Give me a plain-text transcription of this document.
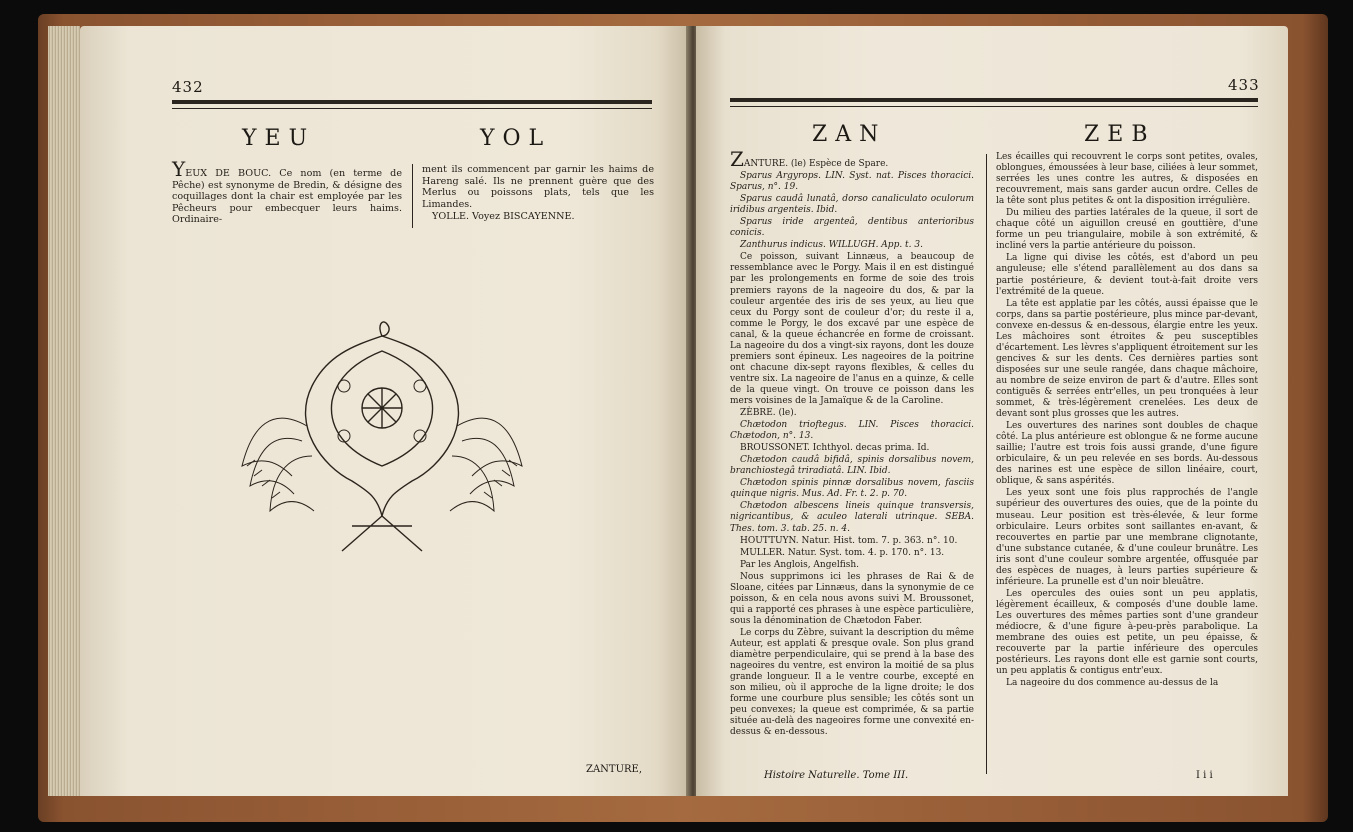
432
YEU	YOL

YEUX DE BOUC. Ce nom (en terme de Pêche) est synonyme de Bredin, & désigne des coquillages dont la chair est employée par les Pêcheurs pour embecquer leurs haims. Ordinaire-

ment ils commencent par garnir les haims de Hareng salé. Ils ne prennent guère que des Merlus ou poissons plats, tels que les Limandes.

YOLLE. Voyez BISCAYENNE.

ZANTURE,
433
ZAN	ZEB

ZANTURE. (le) Espèce de Spare.

Sparus Argyrops. LIN. Syst. nat. Pisces thoracici. Sparus, n°. 19.

Sparus caudâ lunatâ, dorso canaliculato oculorum iridibus argenteis. Ibid.

Sparus iride argenteâ, dentibus anterioribus conicis.

Zanthurus indicus. WILLUGH. App. t. 3.

Ce poisson, suivant Linnæus, a beaucoup de ressemblance avec le Porgy. Mais il en est distingué par les prolongements en forme de soie des trois premiers rayons de la nageoire du dos, & par la couleur argentée des iris de ses yeux, au lieu que ceux du Porgy sont de couleur d'or; du reste il a, comme le Porgy, le dos excavé par une espèce de canal, & la queue échancrée en forme de croissant. La nageoire du dos a vingt-six rayons, dont les douze premiers sont épineux. Les nageoires de la poitrine ont chacune dix-sept rayons flexibles, & celles du ventre six. La nageoire de l'anus en a quinze, & celle de la queue vingt. On trouve ce poisson dans les mers voisines de la Jamaïque & de la Caroline.

ZÈBRE. (le).

Chætodon trioftegus. LIN. Pisces thoracici. Chætodon, n°. 13.

BROUSSONET. Ichthyol. decas prima. Id.

Chætodon caudâ bifidâ, spinis dorsalibus novem, branchiostegâ triradiatâ. LIN. Ibid.

Chætodon spinis pinnæ dorsalibus novem, fasciis quinque nigris. Mus. Ad. Fr. t. 2. p. 70.

Chætodon albescens lineis quinque transversis, nigricantibus, & aculeo laterali utrinque. SEBA. Thes. tom. 3. tab. 25. n. 4.

HOUTTUYN. Natur. Hist. tom. 7. p. 363. n°. 10.

MULLER. Natur. Syst. tom. 4. p. 170. n°. 13.

Par les Anglois, Angelfish.

Nous supprimons ici les phrases de Rai & de Sloane, citées par Linnæus, dans la synonymie de ce poisson, & en cela nous avons suivi M. Broussonet, qui a rapporté ces phrases à une espèce particulière, sous la dénomination de Chætodon Faber.

Le corps du Zèbre, suivant la description du même Auteur, est applati & presque ovale. Son plus grand diamètre perpendiculaire, qui se prend à la base des nageoires du ventre, est environ la moitié de sa plus grande longueur. Il a le ventre courbe, excepté en son milieu, où il approche de la ligne droite; le dos forme une courbure plus sensible; les côtés sont un peu convexes; la queue est comprimée, & sa partie située au-delà des nageoires forme une convexité en-dessus & en-dessous.

Les écailles qui recouvrent le corps sont petites, ovales, oblongues, émoussées à leur base, ciliées à leur sommet, serrées les unes contre les autres, & disposées en recouvrement, mais sans garder aucun ordre. Celles de la tête sont plus petites & ont la disposition irrégulière.

Du milieu des parties latérales de la queue, il sort de chaque côté un aiguillon creusé en gouttière, d'une forme un peu triangulaire, mobile à son extrémité, & incliné vers la partie antérieure du poisson.

La ligne qui divise les côtés, est d'abord un peu anguleuse; elle s'étend parallèlement au dos dans sa partie postérieure, & devient tout-à-fait droite vers l'extrémité de la queue.

La tête est applatie par les côtés, aussi épaisse que le corps, dans sa partie postérieure, plus mince par-devant, convexe en-dessus & en-dessous, élargie entre les yeux. Les mâchoires sont étroites & peu susceptibles d'écartement. Les lèvres s'appliquent étroitement sur les gencives & sur les dents. Ces dernières parties sont disposées sur une seule rangée, dans chaque mâchoire, au nombre de seize environ de part & d'autre. Elles sont contiguës & serrées entr'elles, un peu tronquées à leur sommet, & très-légèrement crenelées. Les deux de devant sont plus grosses que les autres.

Les ouvertures des narines sont doubles de chaque côté. La plus antérieure est oblongue & ne forme aucune saillie; l'autre est trois fois aussi grande, d'une figure orbiculaire, & un peu relevée en ses bords. Au-dessous des narines est une espèce de sillon linéaire, court, oblique, & sans aspérités.

Les yeux sont une fois plus rapprochés de l'angle supérieur des ouvertures des ouies, que de la pointe du museau. Leur position est très-élevée, & leur forme orbiculaire. Leurs orbites sont saillantes en-avant, & recouvertes en partie par une membrane clignotante, d'une substance cutanée, & d'une couleur brunâtre. Les iris sont d'une couleur sombre argentée, offusquée par des espèces de nuages, à leurs parties supérieure & inférieure. La prunelle est d'un noir bleuâtre.

Les opercules des ouies sont un peu applatis, légèrement écailleux, & composés d'une double lame. Les ouvertures des mêmes parties sont d'une grandeur médiocre, & d'une figure à-peu-près parabolique. La membrane des ouies est petite, un peu épaisse, & recouverte par la partie inférieure des opercules postérieurs. Les rayons dont elle est garnie sont courts, un peu applatis & contigus entr'eux.

La nageoire du dos commence au-dessus de la

Histoire Naturelle. Tome III.	I i i
